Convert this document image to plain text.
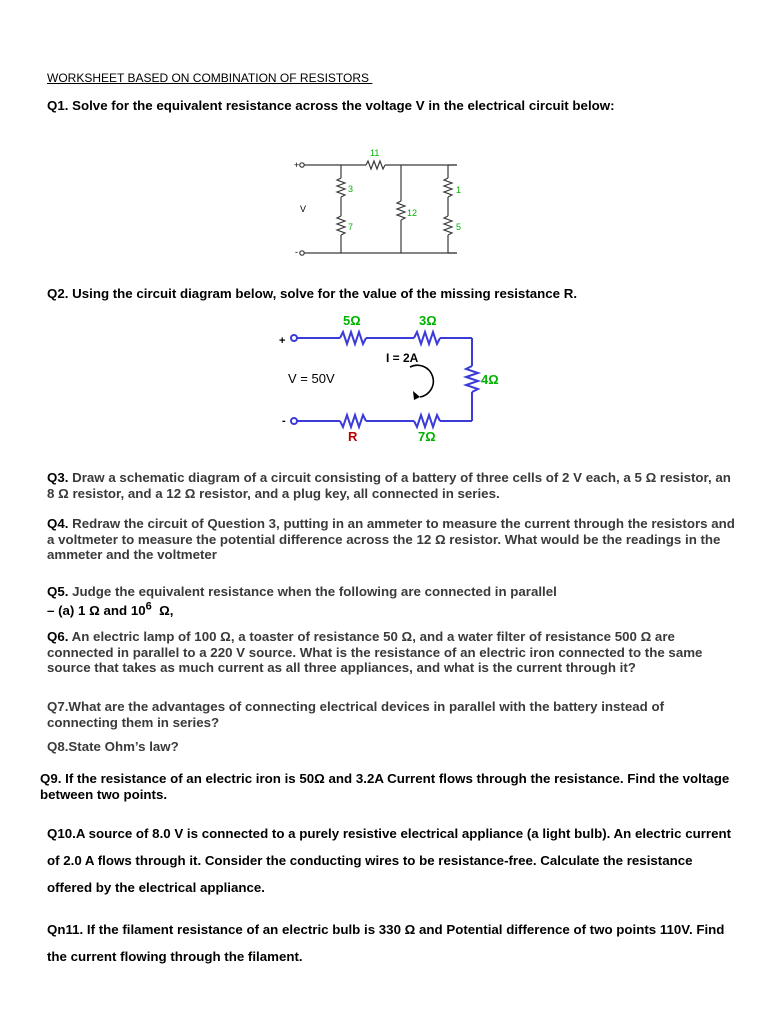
WORKSHEET BASED ON COMBINATION OF RESISTORS
Q1. Solve for the equivalent resistance across the voltage V in the electrical circuit below:
+
-
V
11
3
7
12
1
5
Q2. Using the circuit diagram below, solve for the value of the missing resistance R.
+
-
V = 50V
I = 2A
5Ω	3Ω
4Ω
7Ω
R
Q3. Draw a schematic diagram of a circuit consisting of a battery of three cells of 2 V each, a 5 Ω resistor, an 8 Ω resistor, and a 12 Ω resistor, and a plug key, all connected in series.
Q4. Redraw the circuit of Question 3, putting in an ammeter to measure the current through the resistors and a voltmeter to measure the potential difference across the 12 Ω resistor. What would be the readings in the ammeter and the voltmeter
Q5. Judge the equivalent resistance when the following are connected in parallel
– (a) 1 Ω and $10^6$  Ω,
Q6. An electric lamp of 100 Ω, a toaster of resistance 50 Ω, and a water filter of resistance 500 Ω are connected in parallel to a 220 V source. What is the resistance of an electric iron connected to the same source that takes as much current as all three appliances, and what is the current through it?
Q7.What are the advantages of connecting electrical devices in parallel with the battery instead of connecting them in series?
Q8.State Ohm’s law?
Q9. If the resistance of an electric iron is 50Ω and 3.2A Current flows through the resistance. Find the voltage between two points.
Q10.A source of 8.0 V is connected to a purely resistive electrical appliance (a light bulb). An electric current of 2.0 A flows through it. Consider the conducting wires to be resistance-free. Calculate the resistance offered by the electrical appliance.
Qn11. If the filament resistance of an electric bulb is 330 Ω and Potential difference of two points 110V. Find the current flowing through the filament.
